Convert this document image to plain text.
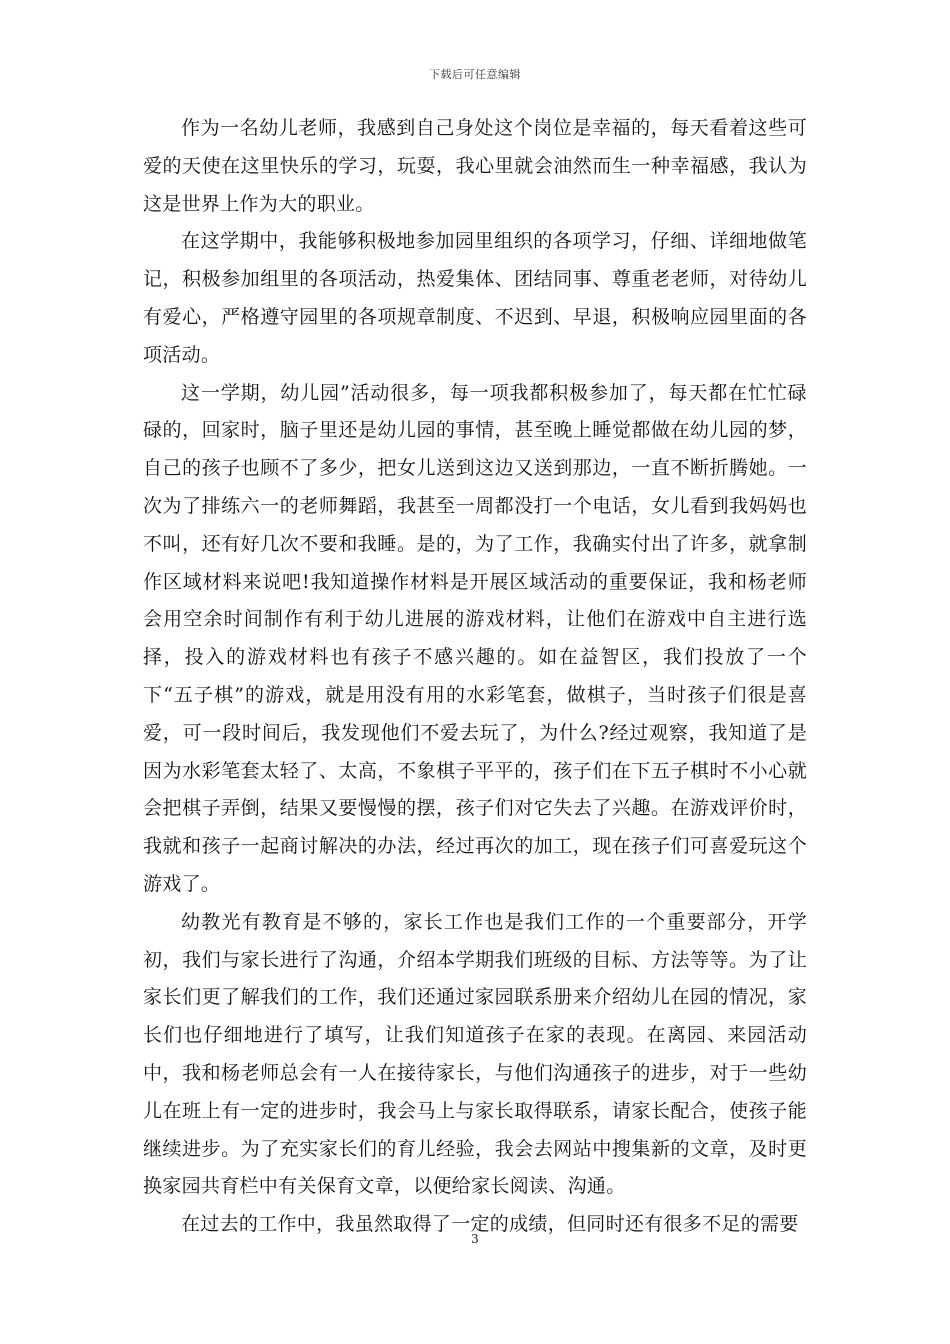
下载后可任意编辑

作为一名幼儿老师，我感到自己身处这个岗位是幸福的，每天看着这些可爱的天使在这里快乐的学习，玩耍，我心里就会油然而生一种幸福感，我认为这是世界上作为大的职业。

在这学期中，我能够积极地参加园里组织的各项学习，仔细、详细地做笔记，积极参加组里的各项活动，热爱集体、团结同事、尊重老老师，对待幼儿有爱心，严格遵守园里的各项规章制度、不迟到、早退，积极响应园里面的各项活动。

这一学期，幼儿园”活动很多，每一项我都积极参加了，每天都在忙忙碌碌的，回家时，脑子里还是幼儿园的事情，甚至晚上睡觉都做在幼儿园的梦，自己的孩子也顾不了多少，把女儿送到这边又送到那边，一直不断折腾她。一次为了排练六一的老师舞蹈，我甚至一周都没打一个电话，女儿看到我妈妈也不叫，还有好几次不要和我睡。是的，为了工作，我确实付出了许多，就拿制作区域材料来说吧!我知道操作材料是开展区域活动的重要保证，我和杨老师会用空余时间制作有利于幼儿进展的游戏材料，让他们在游戏中自主进行选择，投入的游戏材料也有孩子不感兴趣的。如在益智区，我们投放了一个下“五子棋”的游戏，就是用没有用的水彩笔套，做棋子，当时孩子们很是喜爱，可一段时间后，我发现他们不爱去玩了，为什么?经过观察，我知道了是因为水彩笔套太轻了、太高，不象棋子平平的，孩子们在下五子棋时不小心就会把棋子弄倒，结果又要慢慢的摆，孩子们对它失去了兴趣。在游戏评价时，我就和孩子一起商讨解决的办法，经过再次的加工，现在孩子们可喜爱玩这个游戏了。

幼教光有教育是不够的，家长工作也是我们工作的一个重要部分，开学初，我们与家长进行了沟通，介绍本学期我们班级的目标、方法等等。为了让家长们更了解我们的工作，我们还通过家园联系册来介绍幼儿在园的情况，家长们也仔细地进行了填写，让我们知道孩子在家的表现。在离园、来园活动中，我和杨老师总会有一人在接待家长，与他们沟通孩子的进步，对于一些幼儿在班上有一定的进步时，我会马上与家长取得联系，请家长配合，使孩子能继续进步。为了充实家长们的育儿经验，我会去网站中搜集新的文章，及时更换家园共育栏中有关保育文章，以便给家长阅读、沟通。

在过去的工作中，我虽然取得了一定的成绩，但同时还有很多不足的需要

3
